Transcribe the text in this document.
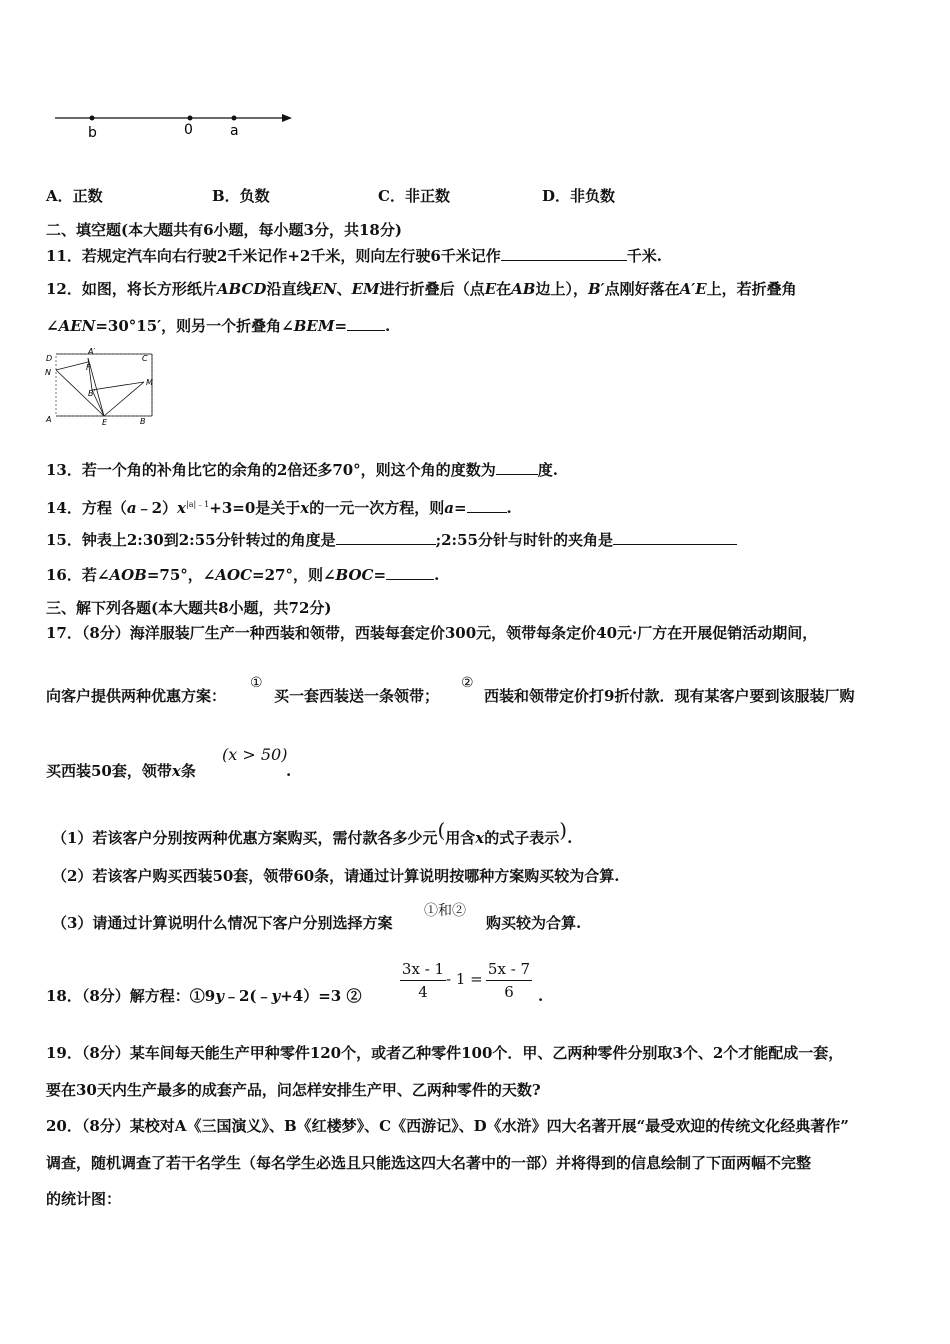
b	0	a
A．正数	B．负数	C．非正数	D．非负数
二、填空题(本大题共有6小题，每小题3分，共18分)
11．若规定汽车向右行驶2千米记作+2千米，则向左行驶6千米记作	千米.
12．如图，将长方形纸片ABCD沿直线EN、EM进行折叠后（点E在AB边上），B′点刚好落在A′E上，若折叠角
∠AEN=30°15′，则另一个折叠角∠BEM=	.
D
A′
C
N
F
M
B′
A	E	B
13．若一个角的补角比它的余角的2倍还多70°，则这个角的度数为	度.
14．方程$(a﹣2)x^{|a|﹣1}+3=0$是关于x的一元一次方程，则a=	.
15．钟表上2:30到2:55分针转过的角度是	;2:55分针与时针的夹角是
16．若∠AOB=75°，∠AOC=27°，则∠BOC=	.
三、解下列各题(本大题共8小题，共72分)
17．（8分）海洋服装厂生产一种西装和领带，西装每套定价300元，领带每条定价40元·厂方在开展促销活动期间，
向客户提供两种优惠方案：
①
买一套西装送一条领带；
②
西装和领带定价打9折付款．现有某客户要到该服装厂购
买西装50套，领带x条
(x > 50)
.
（1）若该客户分别按两种优惠方案购买，需付款各多少元(用含x的式子表示).
（2）若该客户购买西装50套，领带60条，请通过计算说明按哪种方案购买较为合算.
（3）请通过计算说明什么情况下客户分别选择方案
①和②
购买较为合算.
18．（8分）解方程：①9y﹣2(﹣y+4）=3 ②
3x - 1
4
- 1 =
5x - 7
6	.
19．（8分）某车间每天能生产甲种零件120个，或者乙种零件100个．甲、乙两种零件分别取3个、2个才能配成一套，
要在30天内生产最多的成套产品，问怎样安排生产甲、乙两种零件的天数?
20．（8分）某校对A《三国演义》、B《红楼梦》、C《西游记》、D《水浒》四大名著开展“最受欢迎的传统文化经典著作”
调查，随机调查了若干名学生（每名学生必选且只能选这四大名著中的一部）并将得到的信息绘制了下面两幅不完整
的统计图：
